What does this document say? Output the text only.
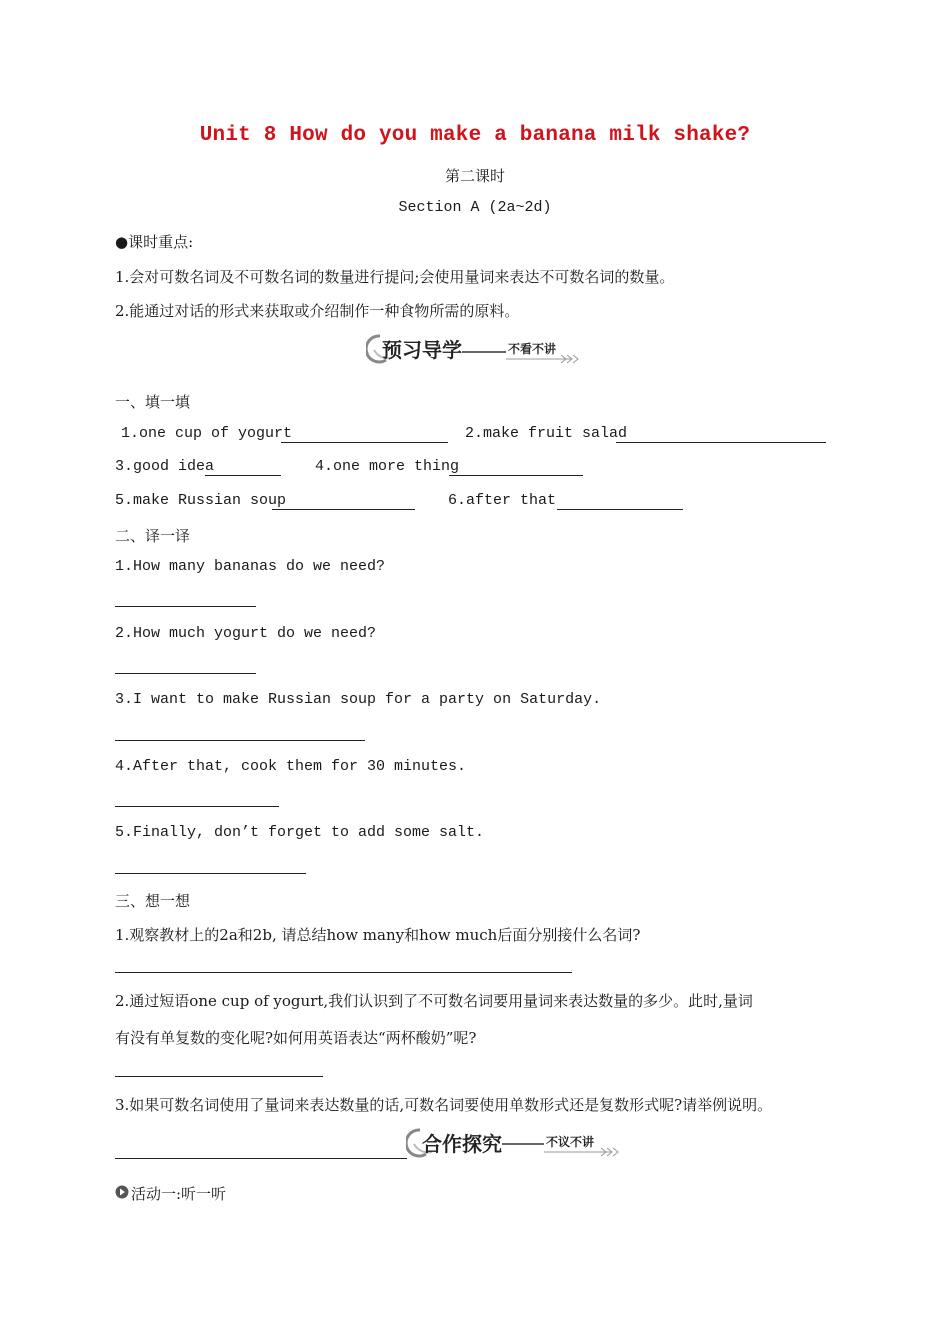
Unit 8 How do you make a banana milk shake?
第二课时
Section A (2a~2d)
●课时重点:
1.会对可数名词及不可数名词的数量进行提问;会使用量词来表达不可数名词的数量。
2.能通过对话的形式来获取或介绍制作一种食物所需的原料。
预习导学	不看不讲
一、填一填
1.one cup of yogurt	2.make fruit salad
3.good idea	4.one more thing
5.make Russian soup	6.after that
二、译一译
1.How many bananas do we need?
2.How much yogurt do we need?
3.I want to make Russian soup for a party on Saturday.
4.After that, cook them for 30 minutes.
5.Finally, don’t forget to add some salt.
三、想一想
1.观察教材上的2a和2b, 请总结how many和how much后面分别接什么名词?
2.通过短语one cup of yogurt,我们认识到了不可数名词要用量词来表达数量的多少。此时,量词
有没有单复数的变化呢?如何用英语表达“两杯酸奶”呢?
3.如果可数名词使用了量词来表达数量的话,可数名词要使用单数形式还是复数形式呢?请举例说明。
合作探究	不议不讲
活动一:听一听
